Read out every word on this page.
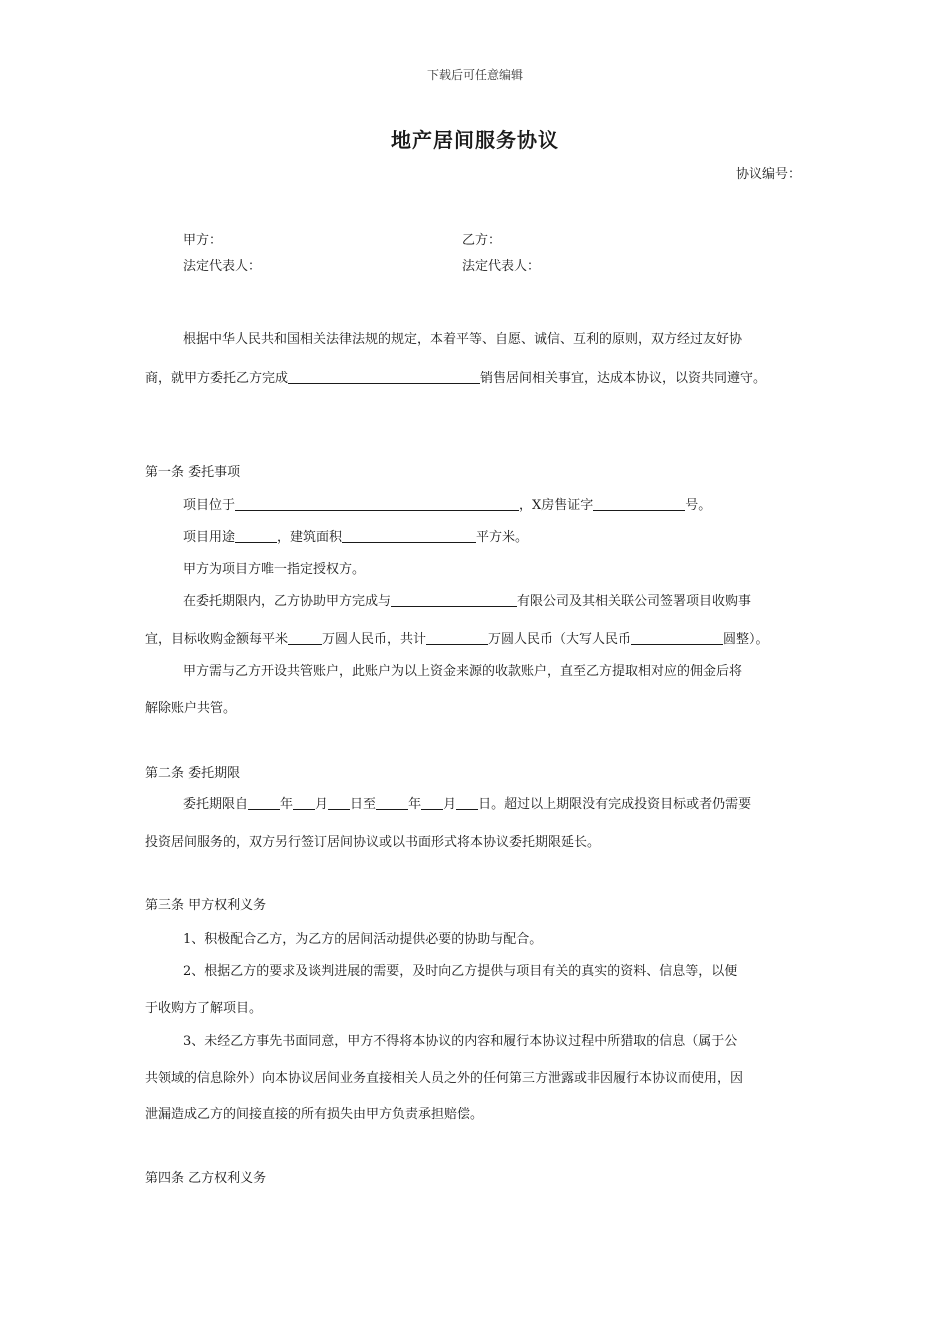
下载后可任意编辑
地产居间服务协议
协议编号：
甲方：	乙方：
法定代表人：	法定代表人：
根据中华人民共和国相关法律法规的规定，本着平等、自愿、诚信、互利的原则，双方经过友好协
商，就甲方委托乙方完成	销售居间相关事宜，达成本协议，以资共同遵守。
第一条 委托事项
项目位于	，X房售证字	号。
项目用途	，建筑面积	平方米。
甲方为项目方唯一指定授权方。
在委托期限内，乙方协助甲方完成与	有限公司及其相关联公司签署项目收购事
宜，目标收购金额每平米	万圆人民币，共计	万圆人民币（大写人民币	圆整）。
甲方需与乙方开设共管账户，此账户为以上资金来源的收款账户，直至乙方提取相对应的佣金后将
解除账户共管。
第二条 委托期限
委托期限自 年 月 日至 年 月 日。超过以上期限没有完成投资目标或者仍需要
投资居间服务的，双方另行签订居间协议或以书面形式将本协议委托期限延长。
第三条 甲方权利义务
1、积极配合乙方，为乙方的居间活动提供必要的协助与配合。
2、根据乙方的要求及谈判进展的需要，及时向乙方提供与项目有关的真实的资料、信息等，以便
于收购方了解项目。
3、未经乙方事先书面同意，甲方不得将本协议的内容和履行本协议过程中所猎取的信息（属于公
共领域的信息除外）向本协议居间业务直接相关人员之外的任何第三方泄露或非因履行本协议而使用，因
泄漏造成乙方的间接直接的所有损失由甲方负责承担赔偿。
第四条 乙方权利义务
